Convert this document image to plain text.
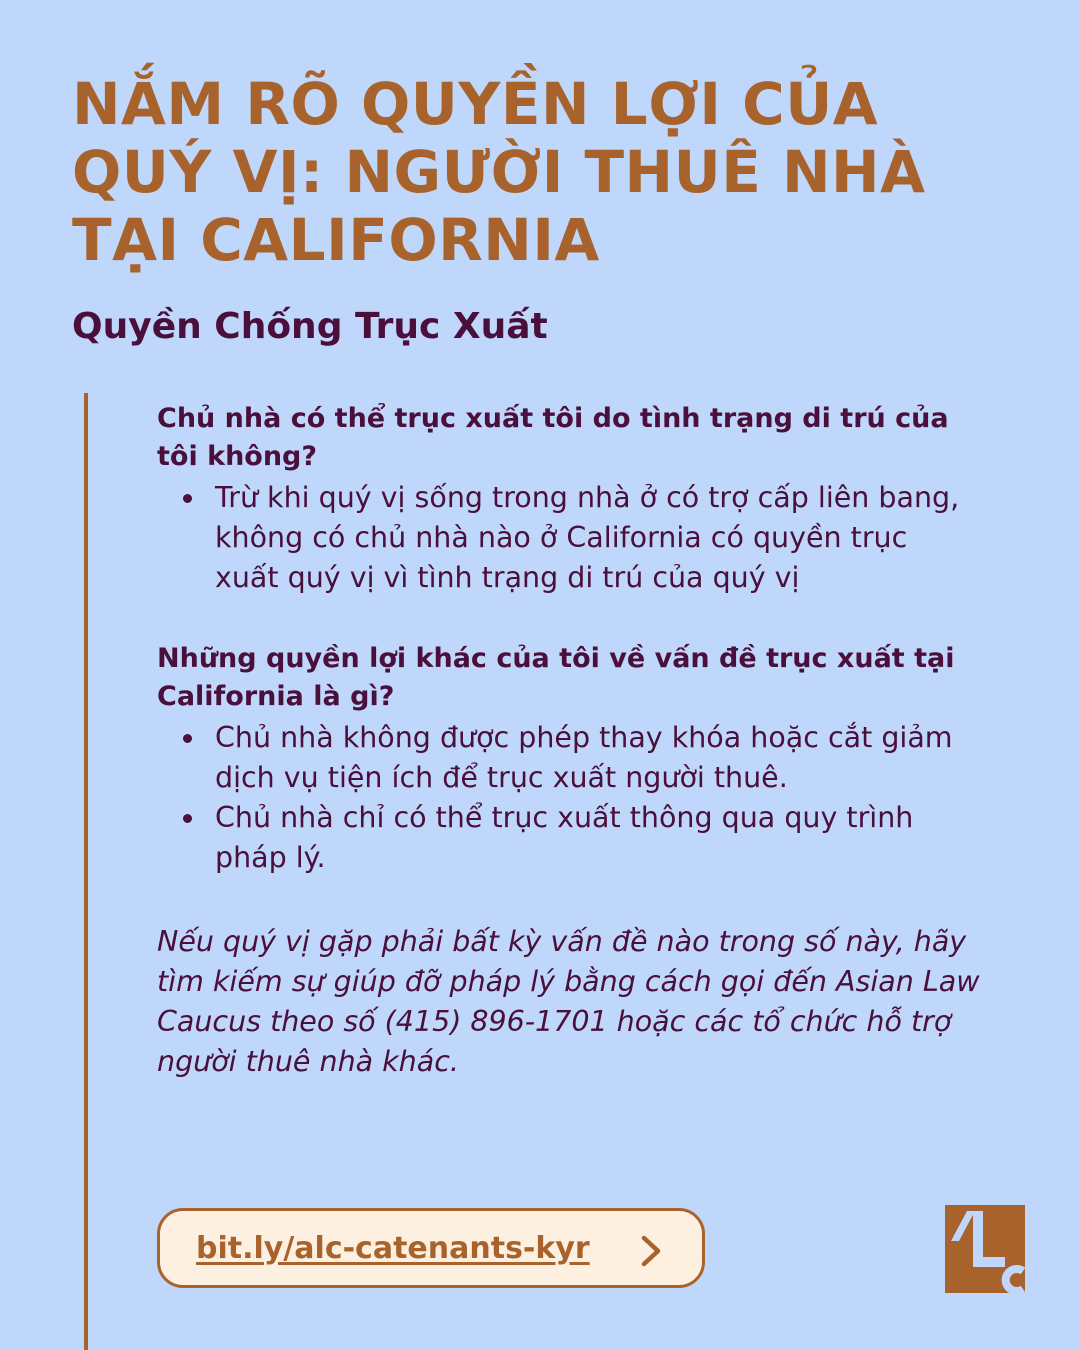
NẮM RÕ QUYỀN LỢI CỦA QUÝ VỊ: NGƯỜI THUÊ NHÀ TẠI CALIFORNIA
Quyền Chống Trục Xuất

Chủ nhà có thể trục xuất tôi do tình trạng di trú của tôi không?

Trừ khi quý vị sống trong nhà ở có trợ cấp liên bang, không có chủ nhà nào ở California có quyền trục xuất quý vị vì tình trạng di trú của quý vị

Những quyền lợi khác của tôi về vấn đề trục xuất tại California là gì?

Chủ nhà không được phép thay khóa hoặc cắt giảm dịch vụ tiện ích để trục xuất người thuê.
Chủ nhà chỉ có thể trục xuất thông qua quy trình pháp lý.

Nếu quý vị gặp phải bất kỳ vấn đề nào trong số này, hãy tìm kiếm sự giúp đỡ pháp lý bằng cách gọi đến Asian Law Caucus theo số (415) 896-1701 hoặc các tổ chức hỗ trợ người thuê nhà khác.

bit.ly/alc-catenants-kyr
